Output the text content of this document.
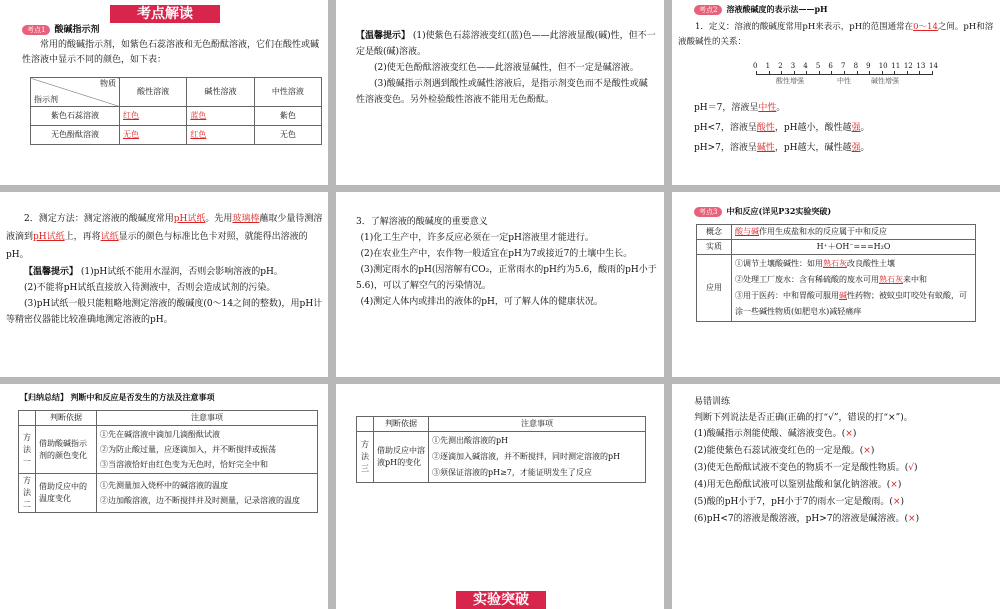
考点解读
考点1 酸碱指示剂

常用的酸碱指示剂，如紫色石蕊溶液和无色酚酞溶液，它们在酸性或碱性溶液中显示不同的颜色，如下表：

物质
指示剂	酸性溶液	碱性溶液	中性溶液
紫色石蕊溶液	红色	蓝色	紫色
无色酚酞溶液	无色	红色	无色

【温馨提示】 (1)使紫色石蕊溶液变红(蓝)色——此溶液显酸(碱)性，但不一定是酸(碱)溶液。

(2)使无色酚酞溶液变红色——此溶液显碱性，但不一定是碱溶液。

(3)酸碱指示剂遇到酸性或碱性溶液后，是指示剂变色而不是酸性或碱性溶液变色。另外检验酸性溶液不能用无色酚酞。

考点2 溶液酸碱度的表示法——pH

1．定义：溶液的酸碱度常用pH来表示，pH的范围通常在0～14之间。pH和溶液酸碱性的关系：

0 1 2 3 4 5 6 7 8 9 10 11 12 13 14
酸性增强	中性	碱性增强

pH＝7，溶液呈中性。

pH<7，溶液呈酸性，pH越小，酸性越强。

pH>7，溶液呈碱性，pH越大，碱性越强。

2．测定方法：测定溶液的酸碱度常用pH试纸。先用玻璃棒蘸取少量待测溶液滴到pH试纸上，再将试纸显示的颜色与标准比色卡对照，就能得出溶液的pH。

【温馨提示】 (1)pH试纸不能用水湿润，否则会影响溶液的pH。

(2)不能将pH试纸直接放入待测液中，否则会造成试剂的污染。

(3)pH试纸一般只能粗略地测定溶液的酸碱度(0～14之间的整数)，用pH计等精密仪器能比较准确地测定溶液的pH。

3．了解溶液的酸碱度的重要意义

(1)化工生产中，许多反应必须在一定pH溶液里才能进行。

(2)在农业生产中，农作物一般适宜在pH为7或接近7的土壤中生长。

(3)测定雨水的pH(因溶解有CO₂，正常雨水的pH约为5.6，酸雨的pH小于5.6)，可以了解空气的污染情况。

(4)测定人体内或排出的液体的pH，可了解人体的健康状况。

考点3 中和反应(详见P32实验突破)
概念	酸与碱作用生成盐和水的反应属于中和反应
实质	H⁺＋OH⁻===H₂O
应用	①调节土壤酸碱性：如用熟石灰改良酸性土壤
②处理工厂废水：含有稀硫酸的废水可用熟石灰来中和
③用于医药：中和胃酸可服用碱性药物；被蚊虫叮咬处有蚁酸，可涂一些碱性物质(如肥皂水)减轻痛痒
【归纳总结】 判断中和反应是否发生的方法及注意事项
	判断依据	注意事项
方法一	借助酸碱指示剂的颜色变化	①先在碱溶液中滴加几滴酚酞试液
②为防止酸过量，应逐滴加入，并不断搅拌或振荡
③当溶液恰好由红色变为无色时，恰好完全中和

方法二	借助反应中的温度变化	①先测量加入烧杯中的碱溶液的温度
②边加酸溶液，边不断搅拌并及时测量，记录溶液的温度
	判断依据	注意事项
方法三	借助反应中溶液pH的变化	①先测出酸溶液的pH
②逐滴加入碱溶液，并不断搅拌，同时测定溶液的pH
③须保证溶液的pH≥7，才能证明发生了反应

易错训练

判断下列说法是否正确(正确的打“√”，错误的打“×”)。

(1)酸碱指示剂能使酸、碱溶液变色。(×)

(2)能使紫色石蕊试液变红色的一定是酸。(×)

(3)使无色酚酞试液不变色的物质不一定是酸性物质。(√)

(4)用无色酚酞试液可以鉴别盐酸和氯化钠溶液。(×)

(5)酸的pH小于7，pH小于7的雨水一定是酸雨。(×)

(6)pH<7的溶液是酸溶液，pH>7的溶液是碱溶液。(×)

实验突破
